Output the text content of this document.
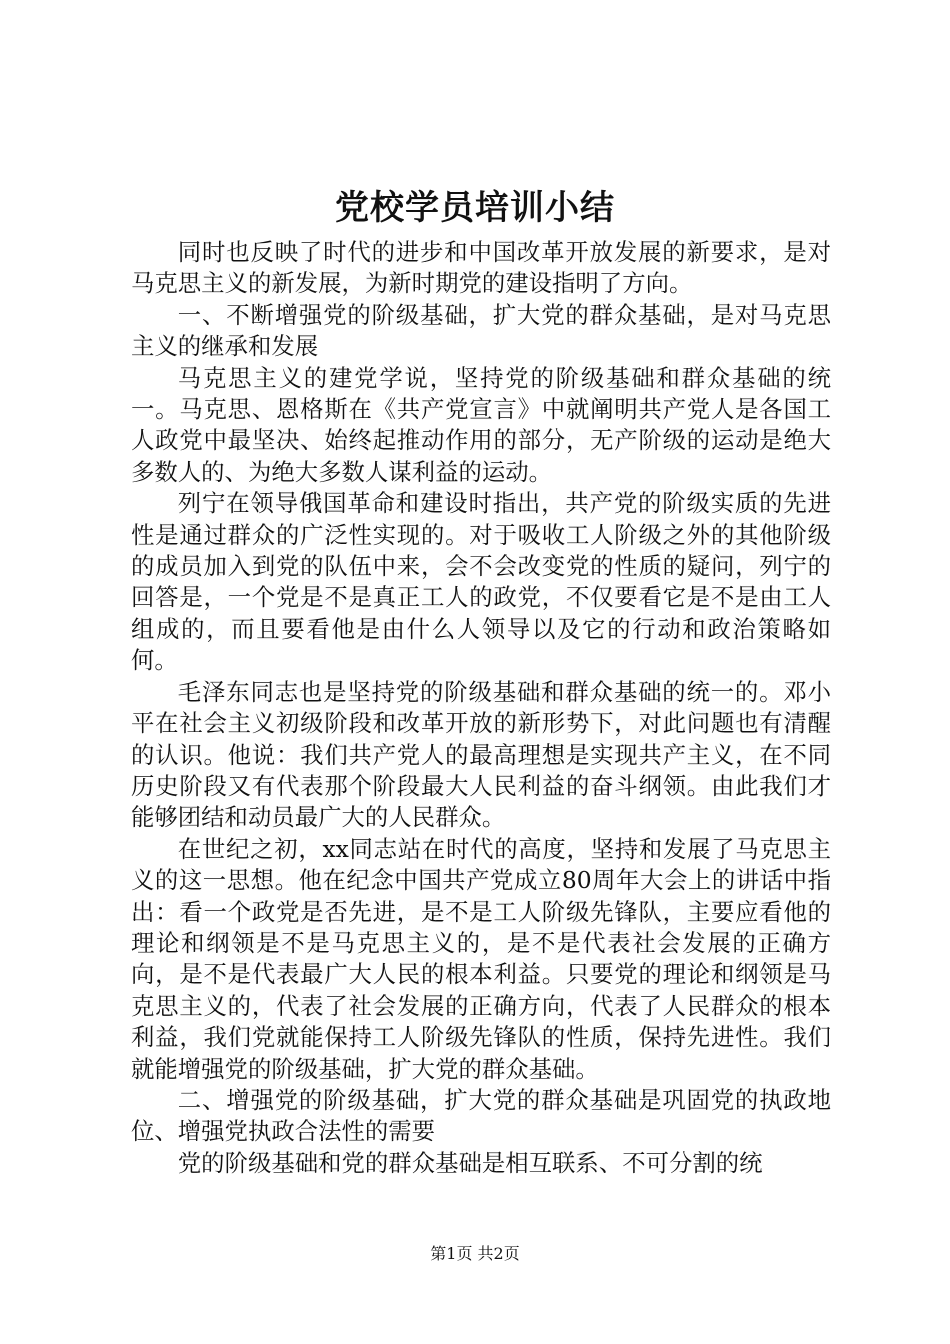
党校学员培训小结

同时也反映了时代的进步和中国改革开放发展的新要求，是对马克思主义的新发展，为新时期党的建设指明了方向。

一、不断增强党的阶级基础，扩大党的群众基础，是对马克思主义的继承和发展

马克思主义的建党学说，坚持党的阶级基础和群众基础的统一。马克思、恩格斯在《共产党宣言》中就阐明共产党人是各国工人政党中最坚决、始终起推动作用的部分，无产阶级的运动是绝大多数人的、为绝大多数人谋利益的运动。

列宁在领导俄国革命和建设时指出，共产党的阶级实质的先进性是通过群众的广泛性实现的。对于吸收工人阶级之外的其他阶级的成员加入到党的队伍中来，会不会改变党的性质的疑问，列宁的回答是，一个党是不是真正工人的政党，不仅要看它是不是由工人组成的，而且要看他是由什么人领导以及它的行动和政治策略如何。

毛泽东同志也是坚持党的阶级基础和群众基础的统一的。邓小平在社会主义初级阶段和改革开放的新形势下，对此问题也有清醒的认识。他说：我们共产党人的最高理想是实现共产主义，在不同历史阶段又有代表那个阶段最大人民利益的奋斗纲领。由此我们才能够团结和动员最广大的人民群众。

在世纪之初，xx同志站在时代的高度，坚持和发展了马克思主义的这一思想。他在纪念中国共产党成立80周年大会上的讲话中指出：看一个政党是否先进，是不是工人阶级先锋队，主要应看他的理论和纲领是不是马克思主义的，是不是代表社会发展的正确方向，是不是代表最广大人民的根本利益。只要党的理论和纲领是马克思主义的，代表了社会发展的正确方向，代表了人民群众的根本利益，我们党就能保持工人阶级先锋队的性质，保持先进性。我们就能增强党的阶级基础，扩大党的群众基础。

二、增强党的阶级基础，扩大党的群众基础是巩固党的执政地位、增强党执政合法性的需要

党的阶级基础和党的群众基础是相互联系、不可分割的统

第1页 共2页
